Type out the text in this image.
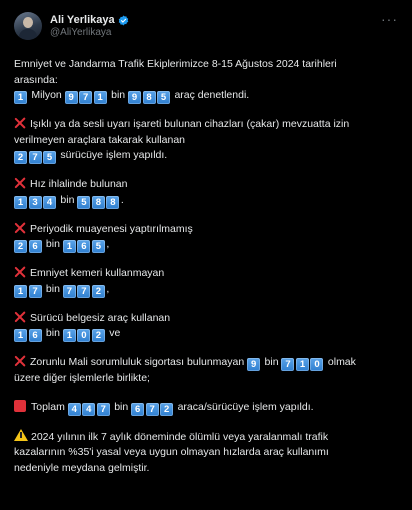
Ali Yerlikaya
@AliYerlikaya
···
Emniyet ve Jandarma Trafik Ekiplerimizce 8-15 Ağustos 2024 tarihleri
arasında:
1 Milyon 9 7 1 bin 9 8 5 araç denetlendi.
Işıklı ya da sesli uyarı işareti bulunan cihazları (çakar) mevzuatta izin
verilmeyen araçlara takarak kullanan
2 7 5 sürücüye işlem yapıldı.
Hız ihlalinde bulunan
1 3 4 bin 5 8 8 .
Periyodik muayenesi yaptırılmamış
2 6 bin 1 6 5 ,
Emniyet kemeri kullanmayan
1 7 bin 7 7 2 ,
Sürücü belgesiz araç kullanan
1 6 bin 1 0 2 ve
Zorunlu Mali sorumluluk sigortası bulunmayan 9 bin 7 1 0 olmak
üzere diğer işlemlerle birlikte;
Toplam 4 4 7 bin 6 7 2 araca/sürücüye işlem yapıldı.
2024 yılının ilk 7 aylık döneminde ölümlü veya yaralanmalı trafik
kazalarının %35'i yasal veya uygun olmayan hızlarda araç kullanımı
nedeniyle meydana gelmiştir.
